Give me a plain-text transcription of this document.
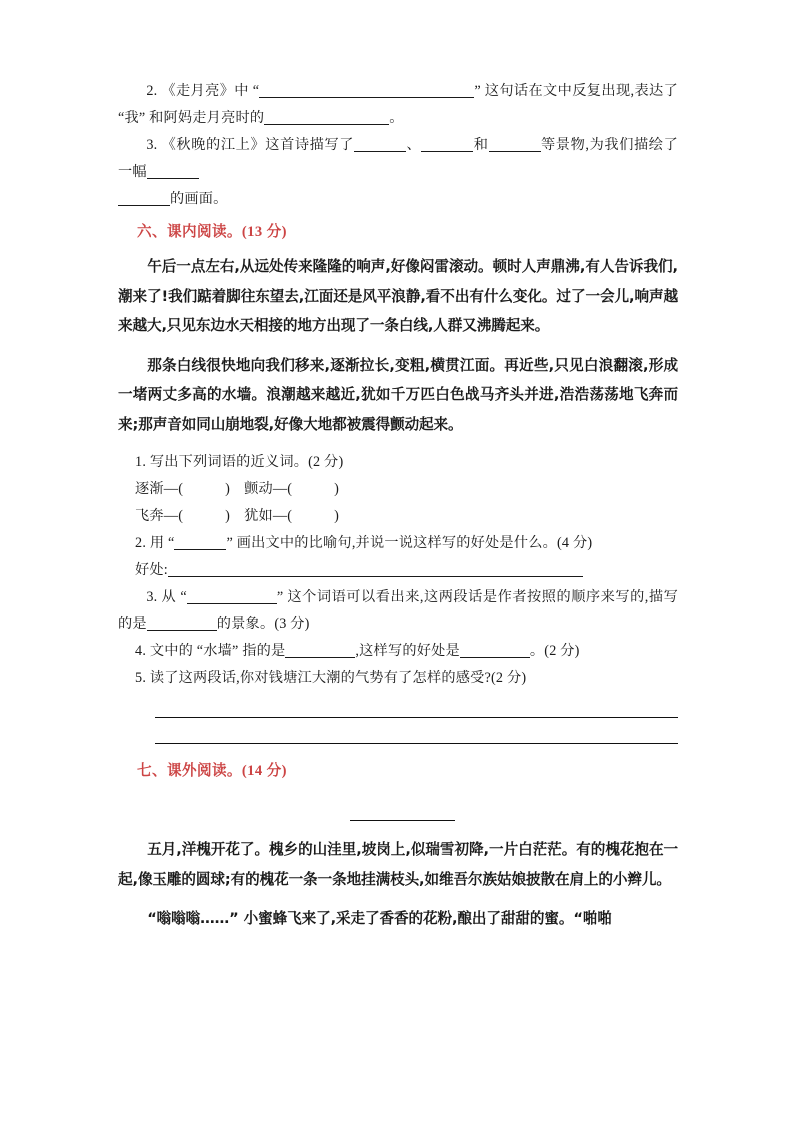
2. 《走月亮》中 “	” 这句话在文中反复出现,表达了 “我” 和阿妈走月亮时的	。
3. 《秋晚的江上》这首诗描写了	、	和	等景物,为我们描绘了一幅
的画面。
六、课内阅读。(13 分)

午后一点左右,从远处传来隆隆的响声,好像闷雷滚动。顿时人声鼎沸,有人告诉我们,潮来了!我们踮着脚往东望去,江面还是风平浪静,看不出有什么变化。过了一会儿,响声越来越大,只见东边水天相接的地方出现了一条白线,人群又沸腾起来。

那条白线很快地向我们移来,逐渐拉长,变粗,横贯江面。再近些,只见白浪翻滚,形成一堵两丈多高的水墙。浪潮越来越近,犹如千万匹白色战马齐头并进,浩浩荡荡地飞奔而来;那声音如同山崩地裂,好像大地都被震得颤动起来。

1. 写出下列词语的近义词。(2 分)
逐渐—(	) 颤动—(	)
飞奔—(	) 犹如—(	)
2. 用 “	” 画出文中的比喻句,并说一说这样写的好处是什么。(4 分)
好处:
3. 从 “	” 这个词语可以看出来,这两段话是作者按照的顺序来写的,描写的是	的景象。(3 分)
4. 文中的 “水墙” 指的是	,这样写的好处是	。(2 分)
5. 读了这两段话,你对钱塘江大潮的气势有了怎样的感受?(2 分)
七、课外阅读。(14 分)

五月,洋槐开花了。槐乡的山洼里,坡岗上,似瑞雪初降,一片白茫茫。有的槐花抱在一起,像玉雕的圆球;有的槐花一条一条地挂满枝头,如维吾尔族姑娘披散在肩上的小辫儿。

“嗡嗡嗡……” 小蜜蜂飞来了,采走了香香的花粉,酿出了甜甜的蜜。“啪啪
